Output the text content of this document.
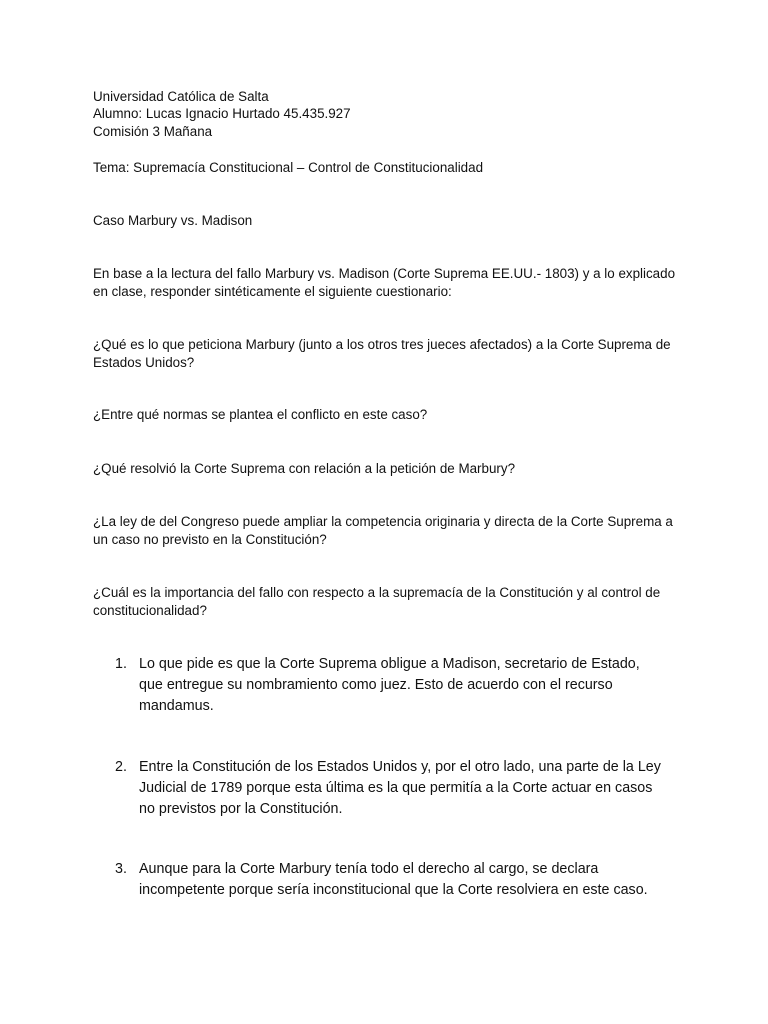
Universidad Católica de Salta
Alumno: Lucas Ignacio Hurtado 45.435.927
Comisión 3 Mañana
Tema: Supremacía Constitucional – Control de Constitucionalidad
Caso Marbury vs. Madison
En base a la lectura del fallo Marbury vs. Madison (Corte Suprema EE.UU.- 1803) y a lo explicado en clase, responder sintéticamente el siguiente cuestionario:
¿Qué es lo que peticiona Marbury (junto a los otros tres jueces afectados) a la Corte Suprema de Estados Unidos?
¿Entre qué normas se plantea el conflicto en este caso?
¿Qué resolvió la Corte Suprema con relación a la petición de Marbury?
¿La ley de del Congreso puede ampliar la competencia originaria y directa de la Corte Suprema a un caso no previsto en la Constitución?
¿Cuál es la importancia del fallo con respecto a la supremacía de la Constitución y al control de constitucionalidad?
1. Lo que pide es que la Corte Suprema obligue a Madison, secretario de Estado, que entregue su nombramiento como juez. Esto de acuerdo con el recurso mandamus.
2. Entre la Constitución de los Estados Unidos y, por el otro lado, una parte de la Ley Judicial de 1789 porque esta última es la que permitía a la Corte actuar en casos no previstos por la Constitución.
3. Aunque para la Corte Marbury tenía todo el derecho al cargo, se declara incompetente porque sería inconstitucional que la Corte resolviera en este caso.
